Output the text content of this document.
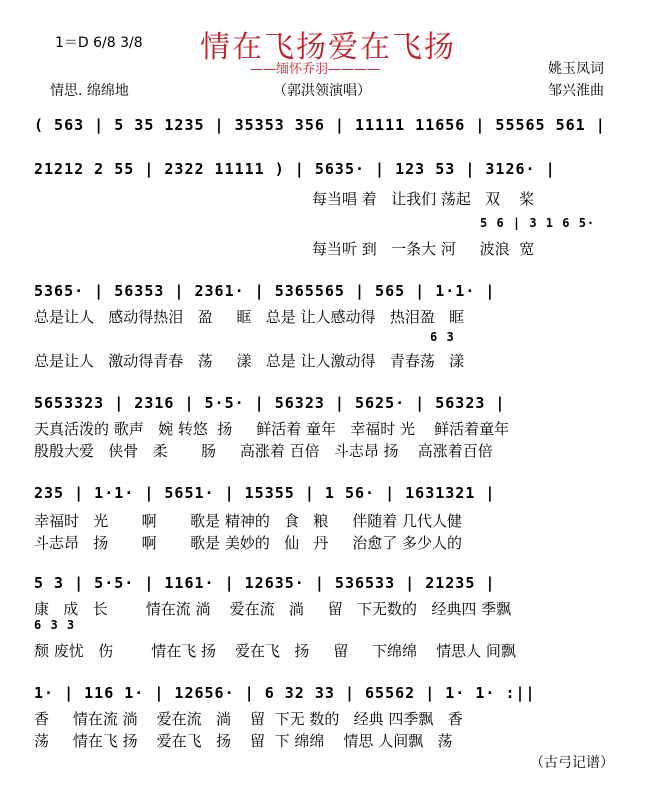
1＝D 6/8 3/8 情在飞扬爱在飞扬
——缅怀乔羽————	姚玉凤词
邹兴淮曲
情思. 绵绵地	（郭洪领演唱）
( 563 | 5 35 1235 | 35353 356 | 11111 11656 | 55565 561 |
21212 2 55 | 2322 11111 ) | 5635· | 123 53 | 3126· |
每当唱 着   让我们 荡起   双    桨
5 6 | 3 1 6 5·
每当听 到   一条大 河     波浪  宽
5365· | 56353 | 2361· | 5365565 | 565 | 1·1· |
总是让人   感动得热泪   盈     眶   总是 让人感动得   热泪盈   眶
6 3
总是让人   激动得青春   荡     漾   总是 让人激动得   青春荡   漾
5653323 | 2316 | 5·5· | 56323 | 5625· | 56323 |
天真活泼的 歌声   婉 转悠  扬     鲜活着 童年   幸福时 光    鲜活着童年
殷殷大爱   侠骨   柔       肠     高涨着 百倍   斗志昂 扬    高涨着百倍
235 | 1·1· | 5651· | 15355 | 1 56· | 1631321 |
幸福时   光       啊       歌是 精神的   食   粮     伴随着 几代人健
斗志昂   扬       啊       歌是 美妙的   仙   丹     治愈了 多少人的
5 3 | 5·5· | 1161· | 12635· | 536533 | 21235 |
康   成   长        情在流 淌    爱在流   淌     留   下无数的   经典四 季飘
6 3 3
颓 废忧   伤        情在飞 扬    爱在飞   扬     留     下绵绵    情思人 间飘
1· | 116 1· | 12656· | 6 32 33 | 65562 | 1· 1· :||
香     情在流 淌    爱在流   淌    留  下无 数的   经典 四季飘   香
荡     情在飞 扬    爱在飞   扬    留  下 绵绵    情思 人间飘   荡
（古弓记谱）
